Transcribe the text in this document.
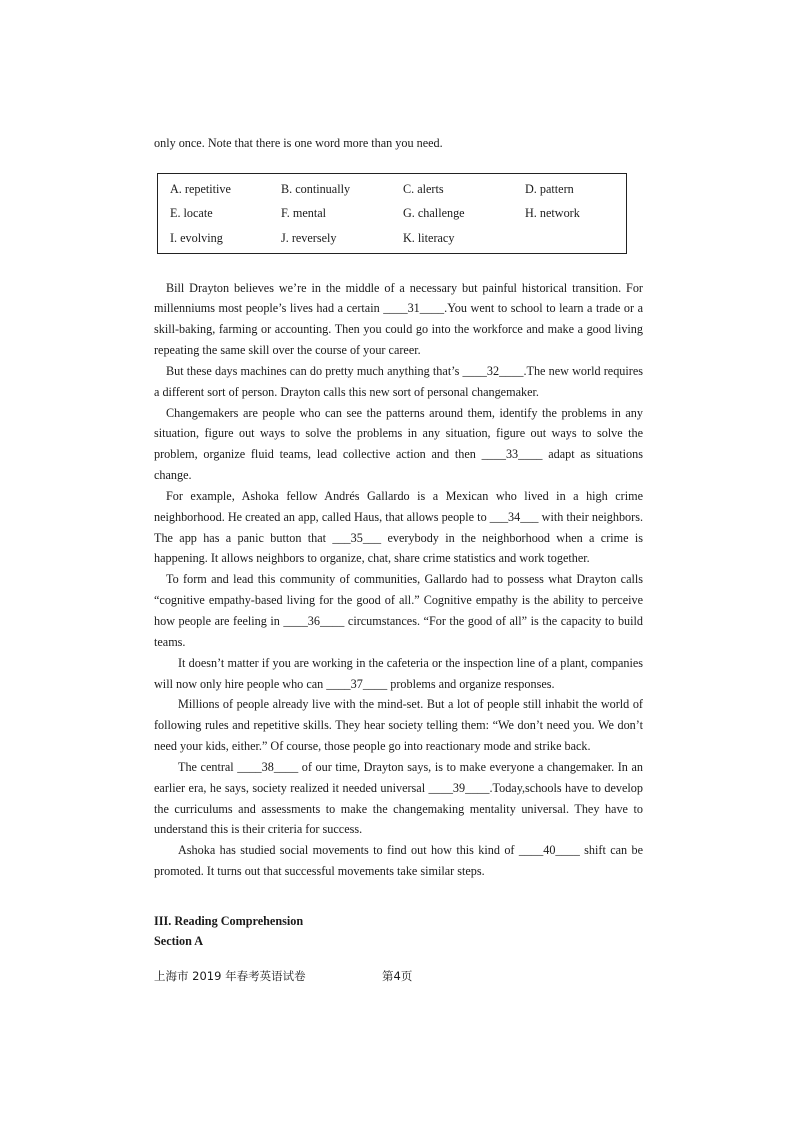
only once. Note that there is one word more than you need.

A. repetitive	B. continually	C. alerts	D. pattern
E. locate	F. mental	G. challenge	H. network
I. evolving	J. reversely	K. literacy

Bill Drayton believes we’re in the middle of a necessary but painful historical transition. For millenniums most people’s lives had a certain ____31____.You went to school to learn a trade or a skill-baking, farming or accounting. Then you could go into the workforce and make a good living repeating the same skill over the course of your career.

But these days machines can do pretty much anything that’s ____32____.The new world requires a different sort of person. Drayton calls this new sort of personal changemaker.

Changemakers are people who can see the patterns around them, identify the problems in any situation, figure out ways to solve the problems in any situation, figure out ways to solve the problem, organize fluid teams, lead collective action and then ____33____ adapt as situations change.

For example, Ashoka fellow Andrés Gallardo is a Mexican who lived in a high crime neighborhood. He created an app, called Haus, that allows people to ___34___ with their neighbors. The app has a panic button that ___35___ everybody in the neighborhood when a crime is happening. It allows neighbors to organize, chat, share crime statistics and work together.

To form and lead this community of communities, Gallardo had to possess what Drayton calls “cognitive empathy-based living for the good of all.” Cognitive empathy is the ability to perceive how people are feeling in ____36____ circumstances. “For the good of all” is the capacity to build teams.

It doesn’t matter if you are working in the cafeteria or the inspection line of a plant, companies will now only hire people who can ____37____ problems and organize responses.

Millions of people already live with the mind-set. But a lot of people still inhabit the world of following rules and repetitive skills. They hear society telling them: “We don’t need you. We don’t need your kids, either.” Of course, those people go into reactionary mode and strike back.

The central ____38____ of our time, Drayton says, is to make everyone a changemaker. In an earlier era, he says, society realized it needed universal ____39____.Today,schools have to develop the curriculums and assessments to make the changemaking mentality universal. They have to understand this is their criteria for success.

Ashoka has studied social movements to find out how this kind of ____40____ shift can be promoted. It turns out that successful movements take similar steps.

III. Reading Comprehension

Section A

上海市 2019 年春考英语试卷	第4页
